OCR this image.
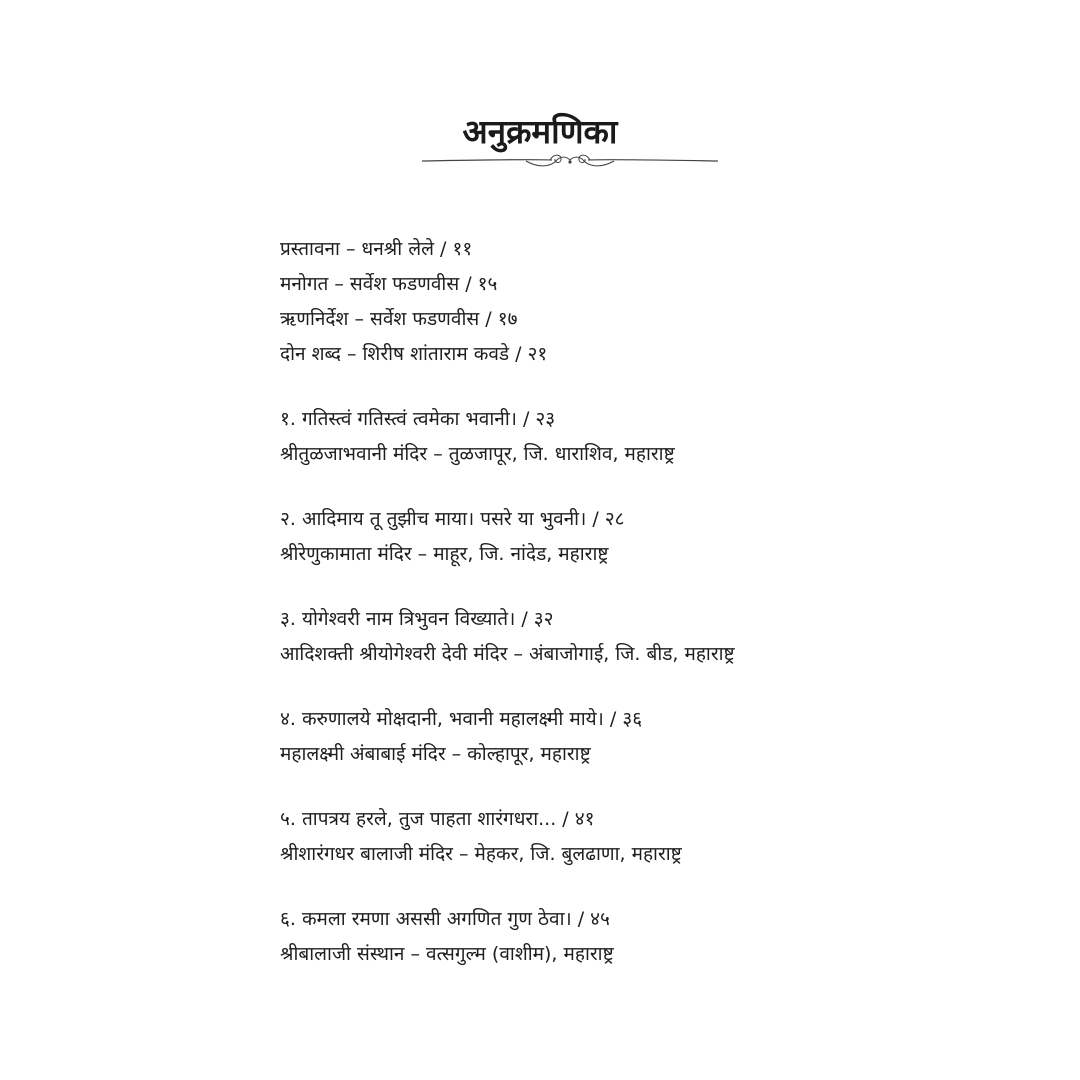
अनुक्रमणिका
प्रस्तावना – धनश्री लेले / ११
मनोगत – सर्वेश फडणवीस / १५
ऋणनिर्देश – सर्वेश फडणवीस / १७
दोन शब्द – शिरीष शांताराम कवडे / २१
१. गतिस्त्वं गतिस्त्वं त्वमेका भवानी। / २३
श्रीतुळजाभवानी मंदिर – तुळजापूर, जि. धाराशिव, महाराष्ट्र
२. आदिमाय तू तुझीच माया। पसरे या भुवनी। / २८
श्रीरेणुकामाता मंदिर – माहूर, जि. नांदेड, महाराष्ट्र
३. योगेश्वरी नाम त्रिभुवन विख्याते। / ३२
आदिशक्ती श्रीयोगेश्वरी देवी मंदिर – अंबाजोगाई, जि. बीड, महाराष्ट्र
४. करुणालये मोक्षदानी, भवानी महालक्ष्मी माये। / ३६
महालक्ष्मी अंबाबाई मंदिर – कोल्हापूर, महाराष्ट्र
५. तापत्रय हरले, तुज पाहता शारंगधरा... / ४१
श्रीशारंगधर बालाजी मंदिर – मेहकर, जि. बुलढाणा, महाराष्ट्र
६. कमला रमणा अससी अगणित गुण ठेवा। / ४५
श्रीबालाजी संस्थान – वत्सगुल्म (वाशीम), महाराष्ट्र
